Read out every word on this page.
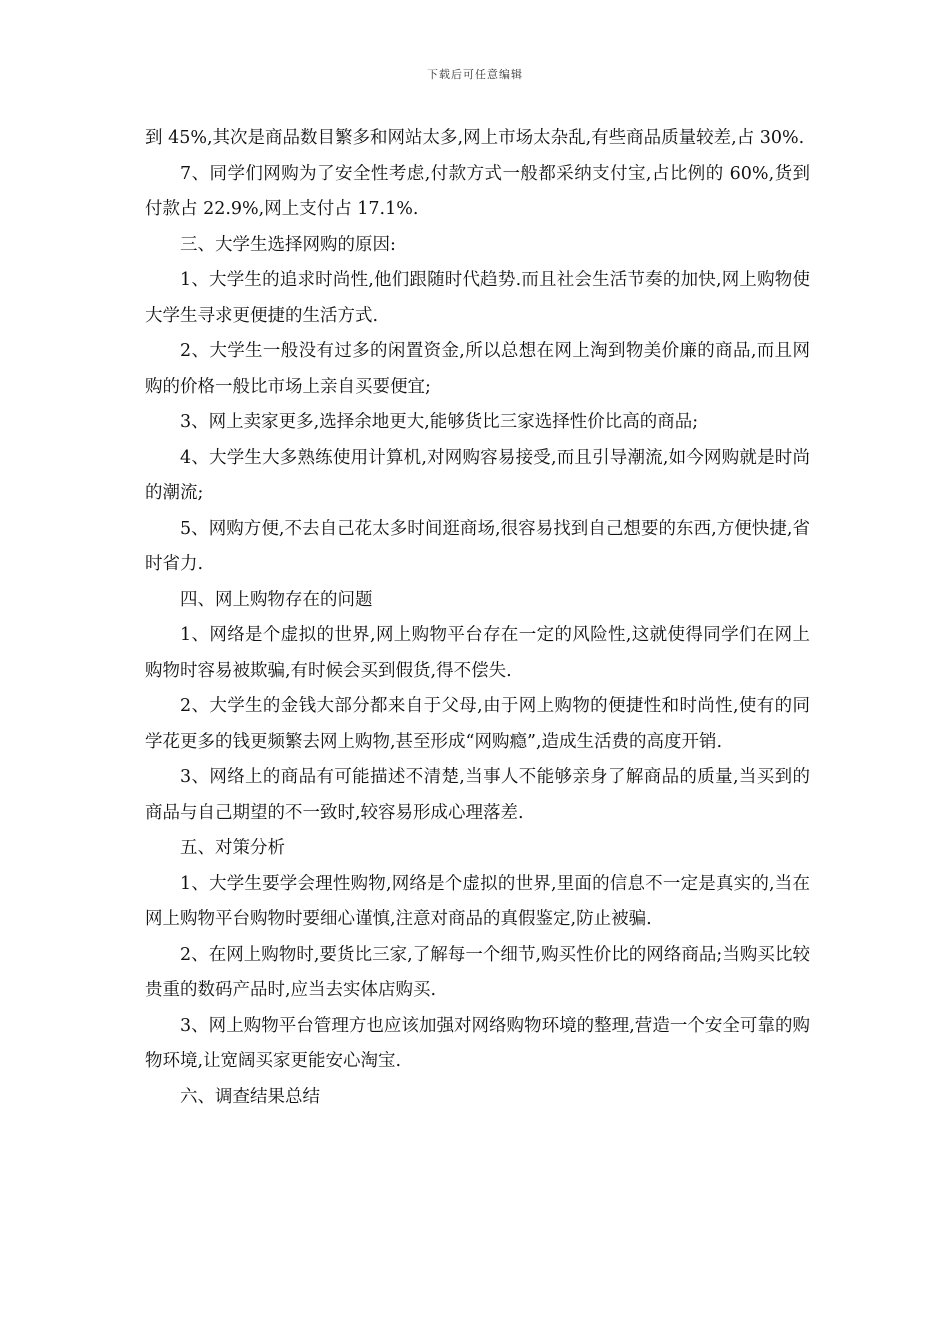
下载后可任意编辑

到 45%,其次是商品数目繁多和网站太多,网上市场太杂乱,有些商品质量较差,占 30%.

7、同学们网购为了安全性考虑,付款方式一般都采纳支付宝,占比例的 60%,货到付款占 22.9%,网上支付占 17.1%.

三、大学生选择网购的原因:

1、大学生的追求时尚性,他们跟随时代趋势.而且社会生活节奏的加快,网上购物使大学生寻求更便捷的生活方式.

2、大学生一般没有过多的闲置资金,所以总想在网上淘到物美价廉的商品,而且网购的价格一般比市场上亲自买要便宜;

3、网上卖家更多,选择余地更大,能够货比三家选择性价比高的商品;

4、大学生大多熟练使用计算机,对网购容易接受,而且引导潮流,如今网购就是时尚的潮流;

5、网购方便,不去自己花太多时间逛商场,很容易找到自己想要的东西,方便快捷,省时省力.

四、网上购物存在的问题

1、网络是个虚拟的世界,网上购物平台存在一定的风险性,这就使得同学们在网上购物时容易被欺骗,有时候会买到假货,得不偿失.

2、大学生的金钱大部分都来自于父母,由于网上购物的便捷性和时尚性,使有的同学花更多的钱更频繁去网上购物,甚至形成“网购瘾”,造成生活费的高度开销.

3、网络上的商品有可能描述不清楚,当事人不能够亲身了解商品的质量,当买到的商品与自己期望的不一致时,较容易形成心理落差.

五、对策分析

1、大学生要学会理性购物,网络是个虚拟的世界,里面的信息不一定是真实的,当在网上购物平台购物时要细心谨慎,注意对商品的真假鉴定,防止被骗.

2、在网上购物时,要货比三家,了解每一个细节,购买性价比的网络商品;当购买比较贵重的数码产品时,应当去实体店购买.

3、网上购物平台管理方也应该加强对网络购物环境的整理,营造一个安全可靠的购物环境,让宽阔买家更能安心淘宝.

六、调查结果总结
